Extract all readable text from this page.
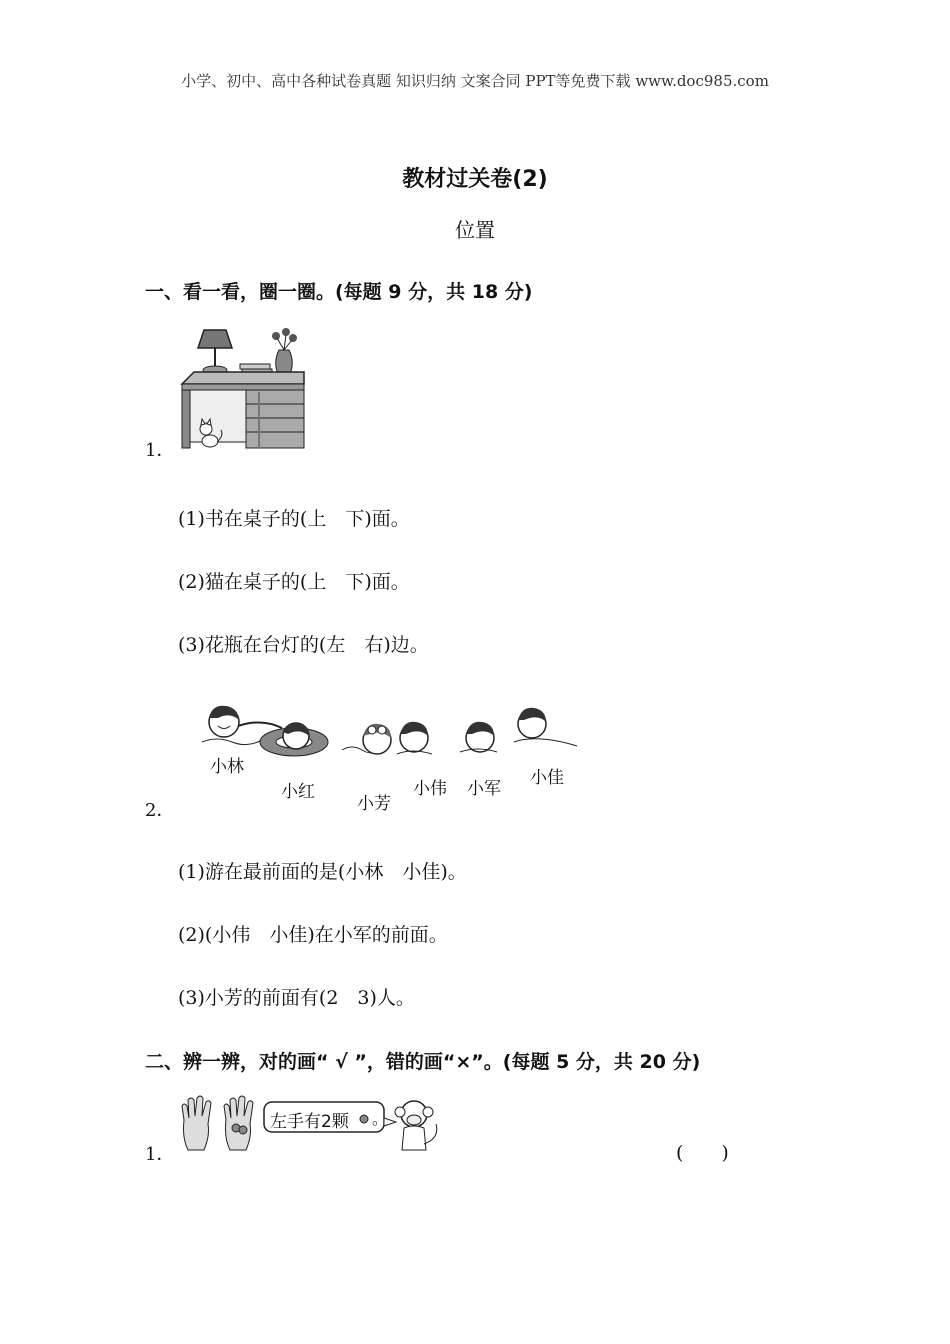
小学、初中、高中各种试卷真题 知识归纳 文案合同 PPT等免费下载 www.doc985.com
教材过关卷(2)
位置
一、看一看，圈一圈。(每题 9 分，共 18 分)
1．
(1)书在桌子的(上　下)面。
(2)猫在桌子的(上　下)面。
(3)花瓶在台灯的(左　右)边。
小林
小红
小芳
小伟 小军
小佳
2．
(1)游在最前面的是(小林　小佳)。
(2)(小伟　小佳)在小军的前面。
(3)小芳的前面有(2　3)人。
二、辨一辨，对的画“ √ ”，错的画“×”。(每题 5 分，共 20 分)
。
左手有2颗
1．	(　　)
